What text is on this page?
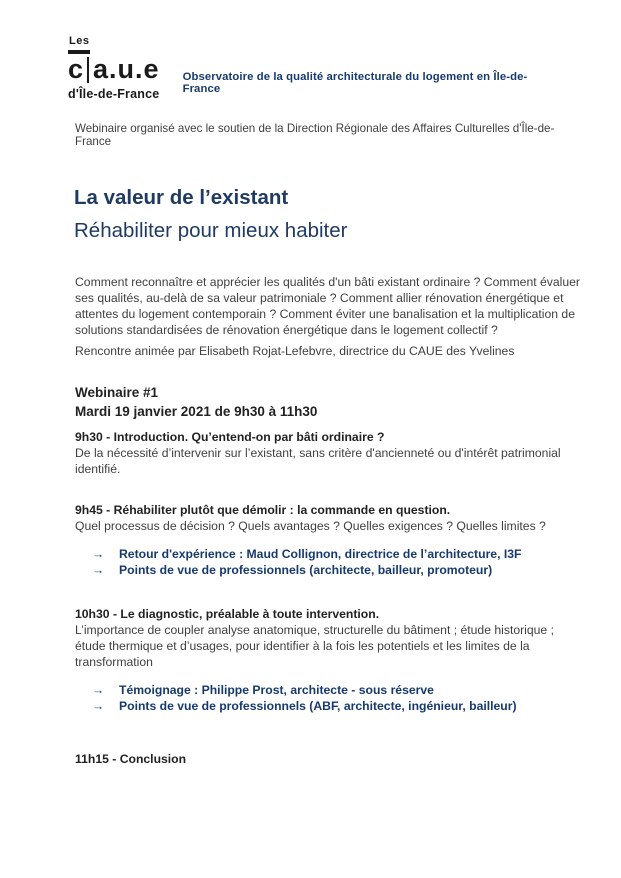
Les
c a.u.e
d'Île-de-France
Observatoire de la qualité architecturale du logement en Île-de-France
Webinaire organisé avec le soutien de la Direction Régionale des Affaires Culturelles d'Île-de-France
La valeur de l’existant
Réhabiliter pour mieux habiter
Comment reconnaître et apprécier les qualités d'un bâti existant ordinaire ? Comment évaluer ses qualités, au-delà de sa valeur patrimoniale ? Comment allier rénovation énergétique et attentes du logement contemporain ? Comment éviter une banalisation et la multiplication de solutions standardisées de rénovation énergétique dans le logement collectif ?
Rencontre animée par Elisabeth Rojat-Lefebvre, directrice du CAUE des Yvelines
Webinaire #1
Mardi 19 janvier 2021 de 9h30 à 11h30

9h30 - Introduction. Qu’entend-on par bâti ordinaire ?

De la nécessité d’intervenir sur l’existant, sans critère d'ancienneté ou d'intérêt patrimonial identifié.

9h45 - Réhabiliter plutôt que démolir : la commande en question.

Quel processus de décision ? Quels avantages ? Quelles exigences ? Quelles limites ?

→	Retour d'expérience : Maud Collignon, directrice de l’architecture, I3F
→	Points de vue de professionnels (architecte, bailleur, promoteur)

10h30 - Le diagnostic, préalable à toute intervention.

L’importance de coupler analyse anatomique, structurelle du bâtiment ; étude historique ; étude thermique et d’usages, pour identifier à la fois les potentiels et les limites de la transformation

→	Témoignage : Philippe Prost, architecte - sous réserve
→	Points de vue de professionnels (ABF, architecte, ingénieur, bailleur)

11h15 - Conclusion
